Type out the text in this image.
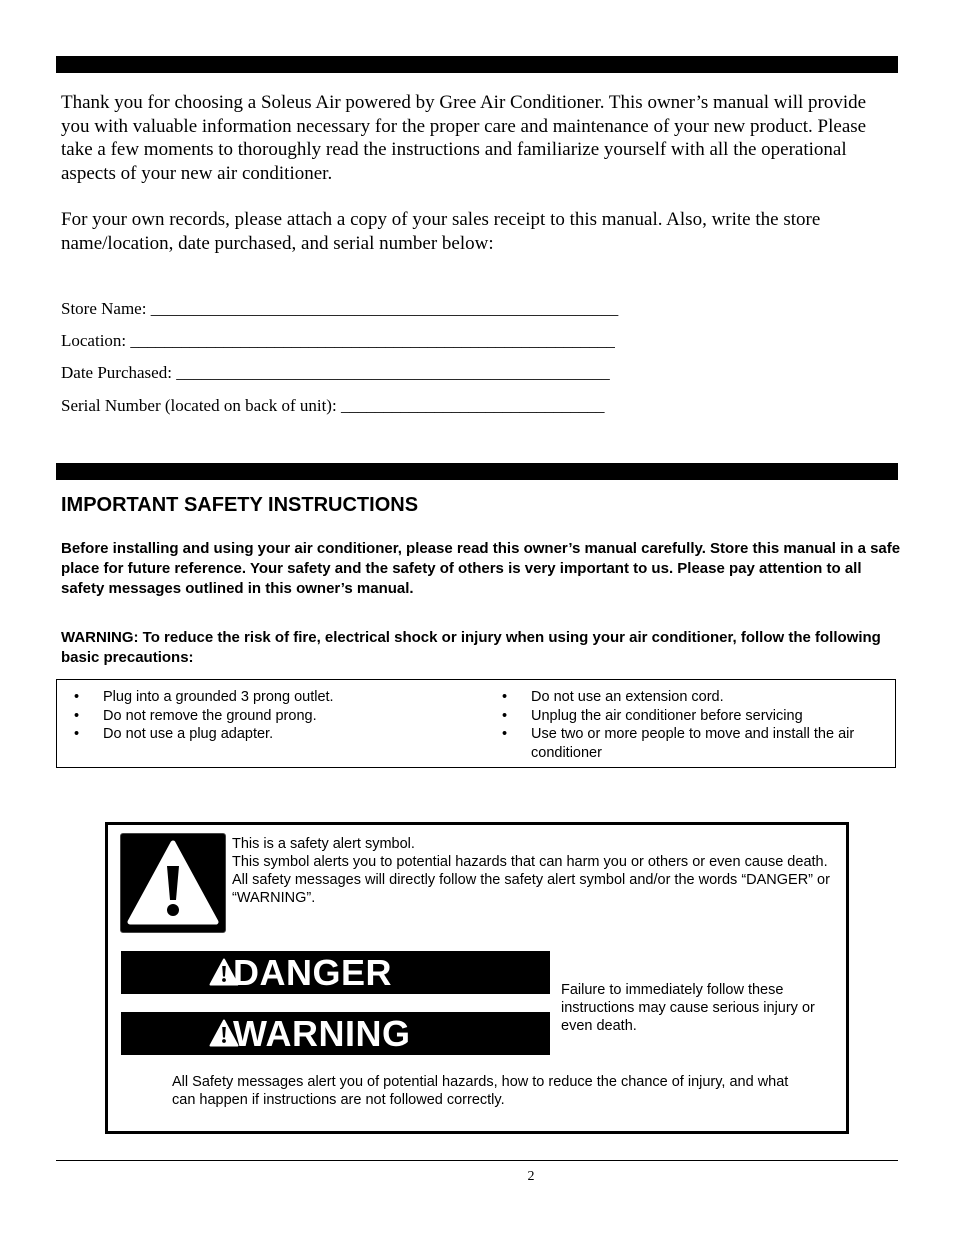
Thank you for choosing a Soleus Air powered by Gree Air Conditioner. This owner’s manual will provide you with valuable information necessary for the proper care and maintenance of your new product. Please take a few moments to thoroughly read the instructions and familiarize yourself with all the operational aspects of your new air conditioner.

For your own records, please attach a copy of your sales receipt to this manual. Also, write the store name/location, date purchased, and serial number below:

Store Name: _______________________________________________________
Location: _________________________________________________________
Date Purchased: ___________________________________________________
Serial Number (located on back of unit): _______________________________
IMPORTANT SAFETY INSTRUCTIONS

Before installing and using your air conditioner, please read this owner’s manual carefully. Store this manual in a safe place for future reference. Your safety and the safety of others is very important to us. Please pay attention to all safety messages outlined in this owner’s manual.

WARNING: To reduce the risk of fire, electrical shock or injury when using your air conditioner, follow the following basic precautions:

• Plug into a grounded 3 prong outlet.
• Do not remove the ground prong.
• Do not use a plug adapter.
• Do not use an extension cord.
• Unplug the air conditioner before servicing
• Use two or more people to move and install the air conditioner
This is a safety alert symbol.
This symbol alerts you to potential hazards that can harm you or others or even cause death.
All safety messages will directly follow the safety alert symbol and/or the words “DANGER” or “WARNING”.
DANGER
WARNING

Failure to immediately follow these instructions may cause serious injury or even death.

All Safety messages alert you of potential hazards, how to reduce the chance of injury, and what can happen if instructions are not followed correctly.

2
